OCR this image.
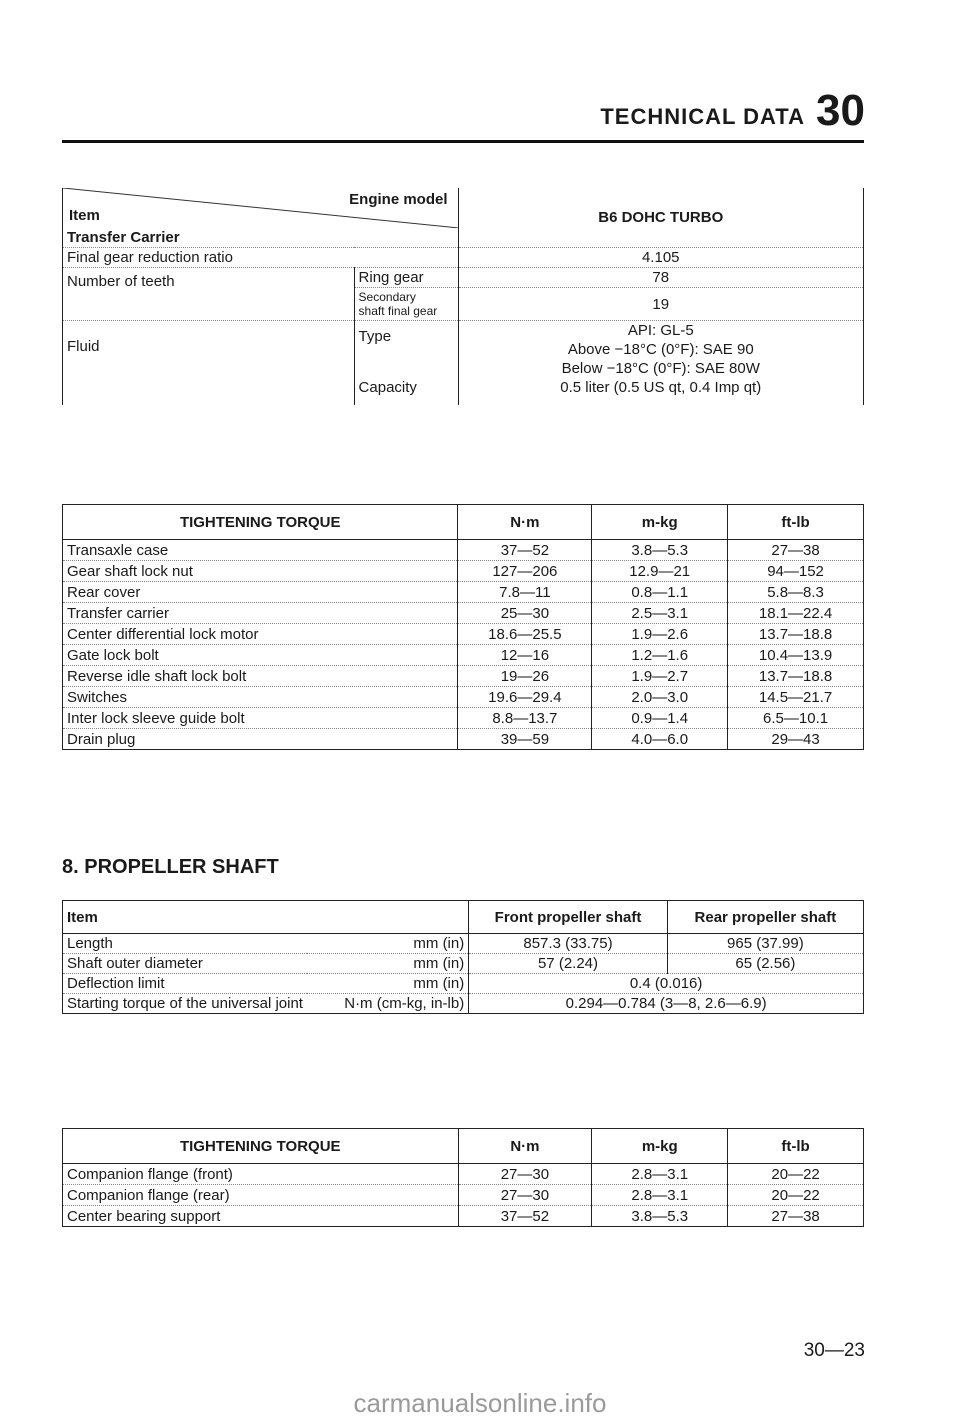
TECHNICAL DATA 30
Engine model
Item		B6 DOHC TURBO
Transfer Carrier		
Final gear reduction ratio		4.105
Number of teeth	Ring gear	78

	Secondary
shaft final gear	19
Fluid	Type	API: GL-5
Above −18°C (0°F): SAE 90
Below −18°C (0°F): SAE 80W

	Capacity	0.5 liter (0.5 US qt, 0.4 Imp qt)
TIGHTENING TORQUE	N·m	m-kg	ft-lb
Transaxle case	37—52	3.8—5.3	27—38
Gear shaft lock nut	127—206	12.9—21	94—152
Rear cover	7.8—11	0.8—1.1	5.8—8.3
Transfer carrier	25—30	2.5—3.1	18.1—22.4
Center differential lock motor	18.6—25.5	1.9—2.6	13.7—18.8
Gate lock bolt	12—16	1.2—1.6	10.4—13.9
Reverse idle shaft lock bolt	19—26	1.9—2.7	13.7—18.8
Switches	19.6—29.4	2.0—3.0	14.5—21.7
Inter lock sleeve guide bolt	8.8—13.7	0.9—1.4	6.5—10.1
Drain plug	39—59	4.0—6.0	29—43
8. PROPELLER SHAFT
Item		Front propeller shaft	Rear propeller shaft
Length	mm (in)	857.3 (33.75)	965 (37.99)
Shaft outer diameter	mm (in)	57 (2.24)	65 (2.56)
Deflection limit	mm (in)	0.4 (0.016)	
Starting torque of the universal joint	N·m (cm-kg, in-lb)	0.294—0.784 (3—8, 2.6—6.9)	
TIGHTENING TORQUE	N·m	m-kg	ft-lb
Companion flange (front)	27—30	2.8—3.1	20—22
Companion flange (rear)	27—30	2.8—3.1	20—22
Center bearing support	37—52	3.8—5.3	27—38
30—23
carmanualsonline.info
